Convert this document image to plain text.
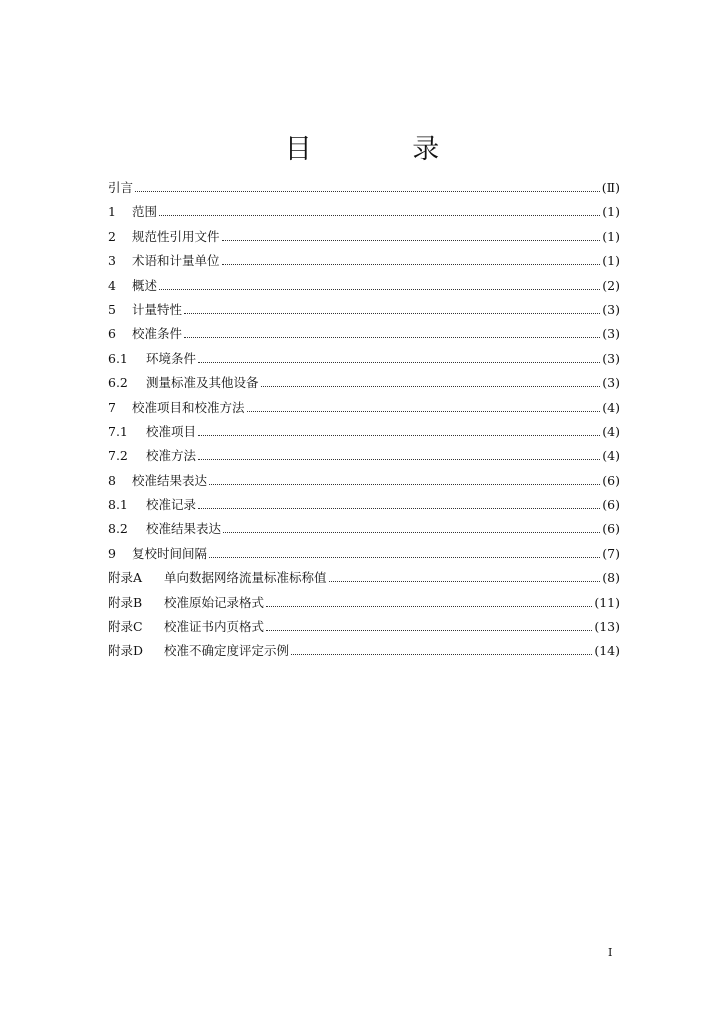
目 录
引言	(Ⅱ)
1	范围	(1)
2	规范性引用文件	(1)
3	术语和计量单位	(1)
4	概述	(2)
5	计量特性	(3)
6	校准条件	(3)
6.1	环境条件	(3)
6.2	测量标准及其他设备	(3)
7	校准项目和校准方法	(4)
7.1	校准项目	(4)
7.2	校准方法	(4)
8	校准结果表达	(6)
8.1	校准记录	(6)
8.2	校准结果表达	(6)
9	复校时间间隔	(7)
附录A	单向数据网络流量标准标称值	(8)
附录B	校准原始记录格式	(11)
附录C	校准证书内页格式	(13)
附录D	校准不确定度评定示例	(14)
I
